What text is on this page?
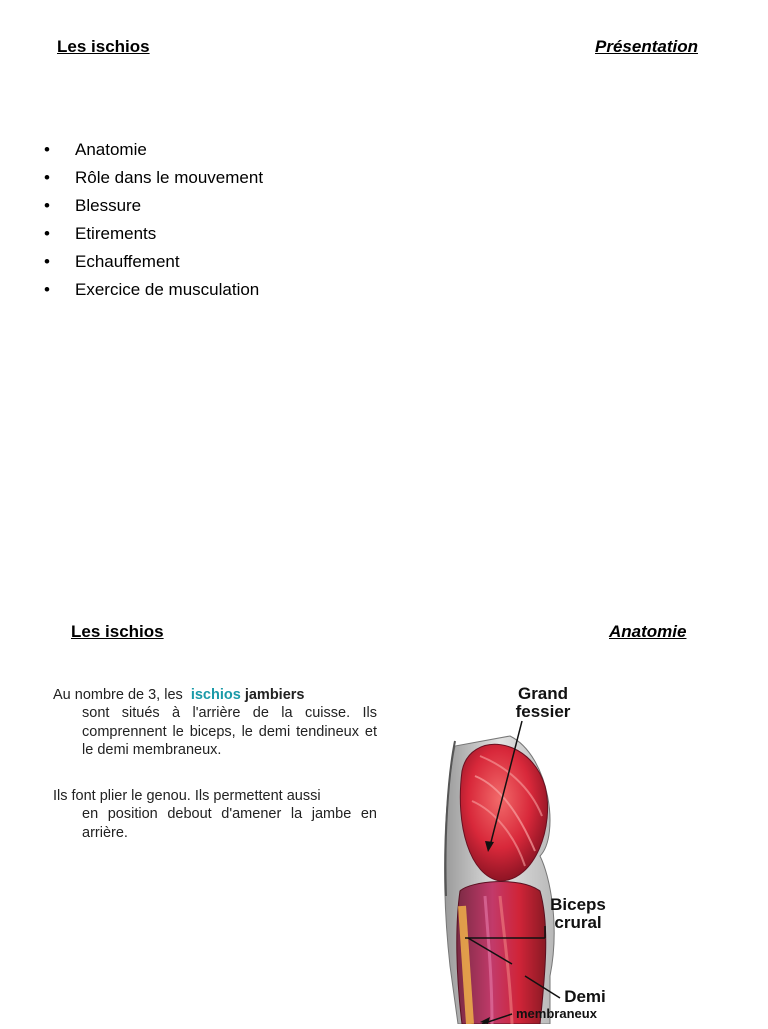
Les ischios	Présentation
• Anatomie
• Rôle dans le mouvement
• Blessure
• Etirements
• Echauffement
• Exercice de musculation
Les ischios	Anatomie
Au nombre de 3, les ischios jambiers
sont situés à l'arrière de la cuisse. Ils comprennent le biceps, le demi tendineux et le demi membraneux.
Ils font plier le genou. Ils permettent aussi
en position debout d'amener la jambe en arrière.
Grand
fessier
Biceps
crural
Demi
membraneux
